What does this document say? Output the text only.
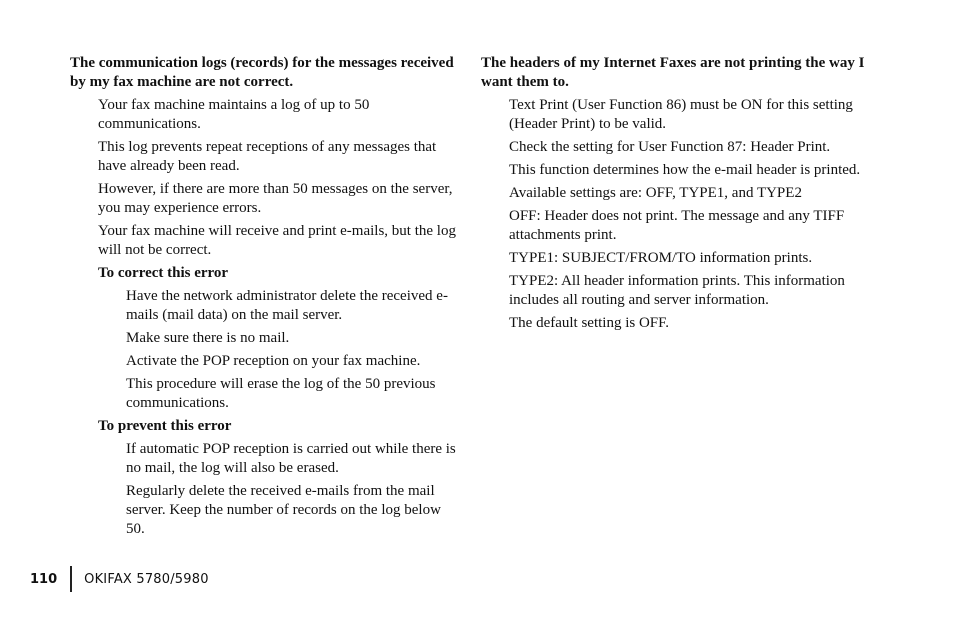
The communication logs (records) for the messages received by my fax machine are not correct.

Your fax machine maintains a log of up to 50 communications.

This log prevents repeat receptions of any messages that have already been read.

However, if there are more than 50 messages on the server, you may experience errors.

Your fax machine will receive and print e-mails, but the log will not be correct.

To correct this error

Have the network administrator delete the received e-mails (mail data) on the mail server.

Make sure there is no mail.

Activate the POP reception on your fax machine.

This procedure will erase the log of the 50 previous communications.

To prevent this error

If automatic POP reception is carried out while there is no mail, the log will also be erased.

Regularly delete the received e-mails from the mail server. Keep the number of records on the log below 50.

The headers of my Internet Faxes are not printing the way I want them to.

Text Print (User Function 86) must be ON for this setting (Header Print) to be valid.

Check the setting for User Function 87: Header Print.

This function determines how the e-mail header is printed.

Available settings are: OFF, TYPE1, and TYPE2

OFF: Header does not print. The message and any TIFF attachments print.

TYPE1: SUBJECT/FROM/TO information prints.

TYPE2: All header information prints. This information includes all routing and server information.

The default setting is OFF.

110 OKIFAX 5780/5980
